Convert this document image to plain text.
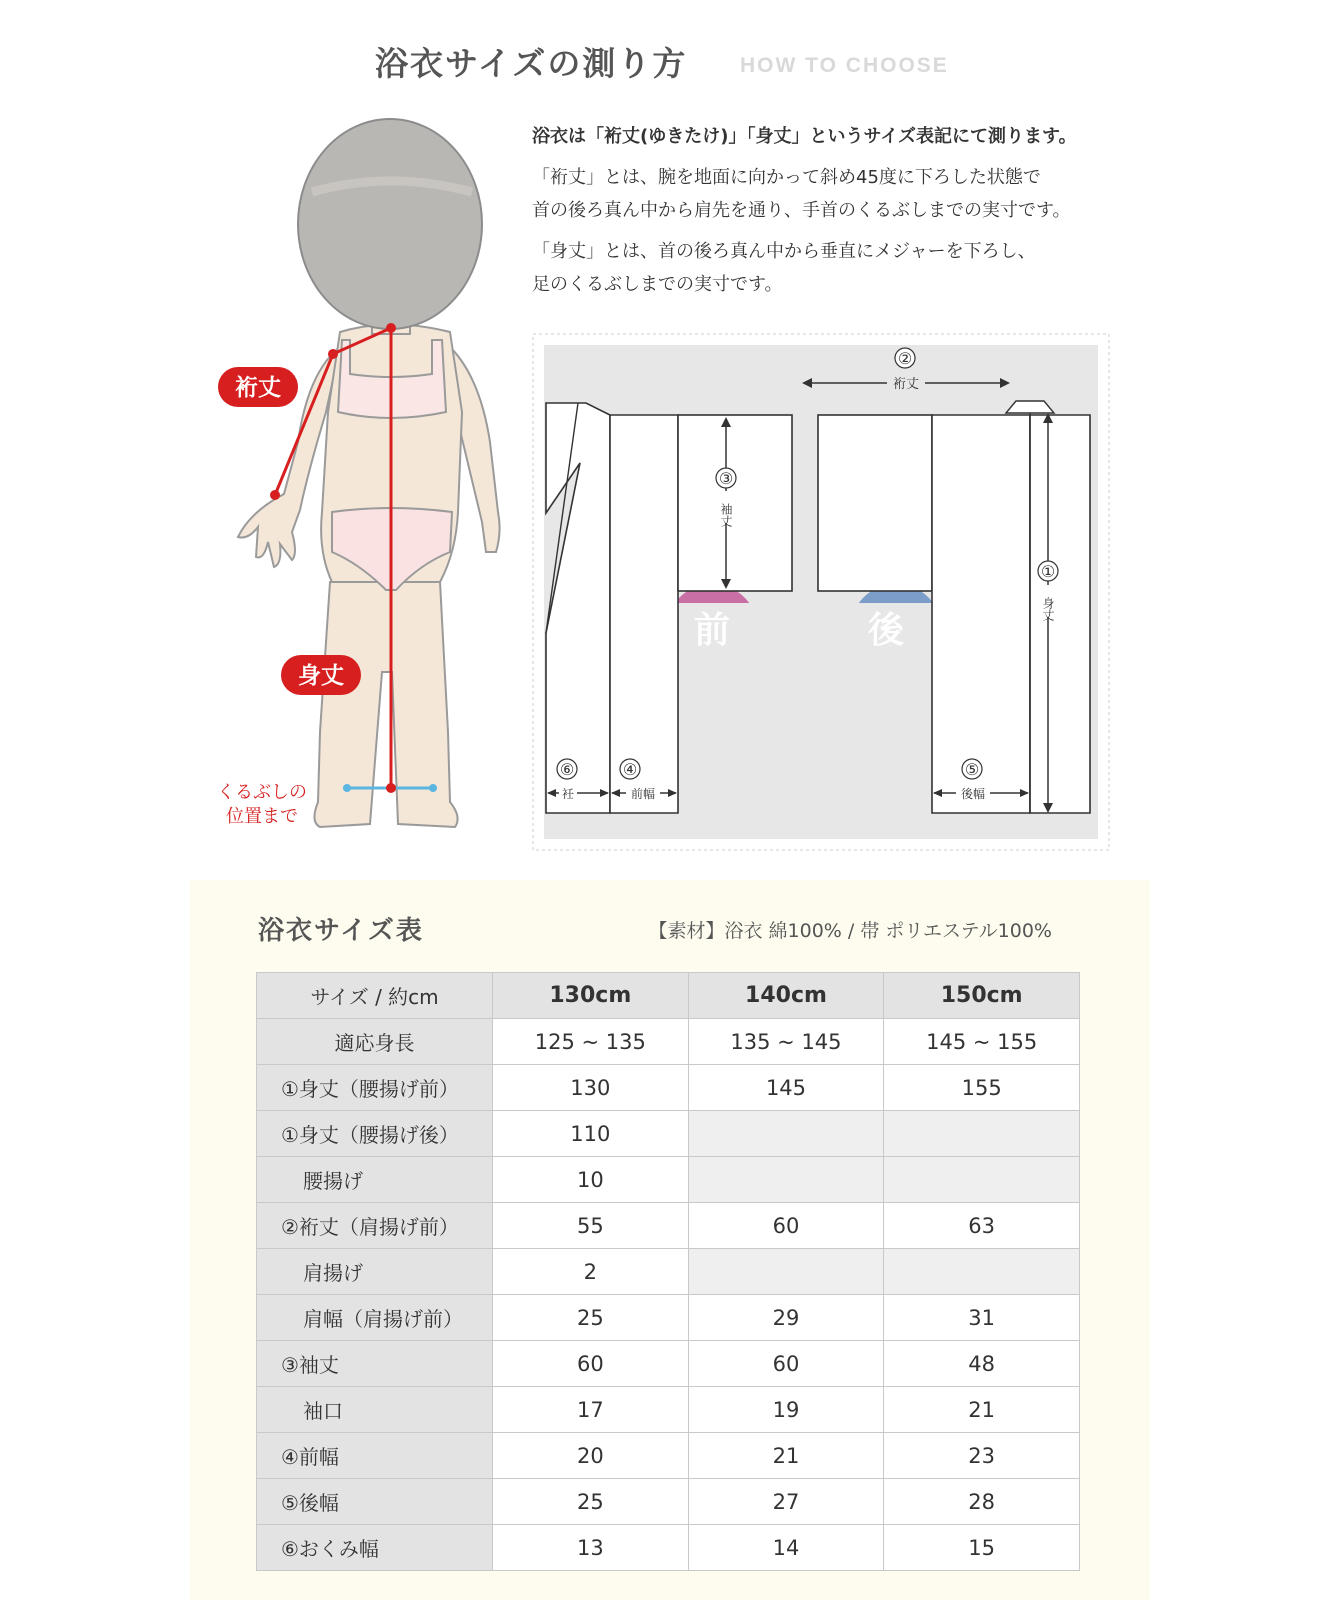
浴衣サイズの測り方	HOW TO CHOOSE
裄丈
身丈
くるぶしの
位置まで

浴衣は「裄丈(ゆきたけ)」「身丈」というサイズ表記にて測ります。

「裄丈」とは、腕を地面に向かって斜め45度に下ろした状態で
首の後ろ真ん中から肩先を通り、手首のくるぶしまでの実寸です。

「身丈」とは、首の後ろ真ん中から垂直にメジャーを下ろし、
足のくるぶしまでの実寸です。

前	後
②
裄丈
③
袖丈
①
身丈
⑥
衽
④
前幅
⑤
後幅
浴衣サイズ表	【素材】浴衣 綿100% / 帯 ポリエステル100%
サイズ / 約cm	130cm	140cm	150cm
適応身長	125 ~ 135	135 ~ 145	145 ~ 155
①身丈（腰揚げ前）	130	145	155
①身丈（腰揚げ後）	110		
腰揚げ	10		
②裄丈（肩揚げ前）	55	60	63
肩揚げ	2		
肩幅（肩揚げ前）	25	29	31
③袖丈	60	60	48
袖口	17	19	21
④前幅	20	21	23
⑤後幅	25	27	28
⑥おくみ幅	13	14	15
